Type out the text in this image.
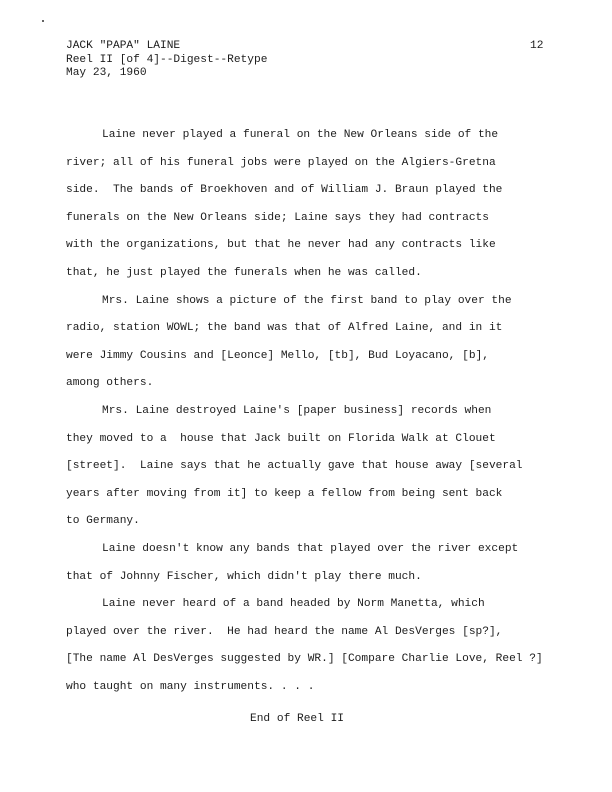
JACK "PAPA" LAINE
Reel II [of 4]--Digest--Retype
May 23, 1960
12
Laine never played a funeral on the New Orleans side of the
river; all of his funeral jobs were played on the Algiers-Gretna
side.  The bands of Broekhoven and of William J. Braun played the
funerals on the New Orleans side; Laine says they had contracts
with the organizations, but that he never had any contracts like
that, he just played the funerals when he was called.
Mrs. Laine shows a picture of the first band to play over the
radio, station WOWL; the band was that of Alfred Laine, and in it
were Jimmy Cousins and [Leonce] Mello, [tb], Bud Loyacano, [b],
among others.
Mrs. Laine destroyed Laine's [paper business] records when
they moved to a  house that Jack built on Florida Walk at Clouet
[street].  Laine says that he actually gave that house away [several
years after moving from it] to keep a fellow from being sent back
to Germany.
Laine doesn't know any bands that played over the river except
that of Johnny Fischer, which didn't play there much.
Laine never heard of a band headed by Norm Manetta, which
played over the river.  He had heard the name Al DesVerges [sp?],
[The name Al DesVerges suggested by WR.] [Compare Charlie Love, Reel ?]
who taught on many instruments. . . .
End of Reel II
